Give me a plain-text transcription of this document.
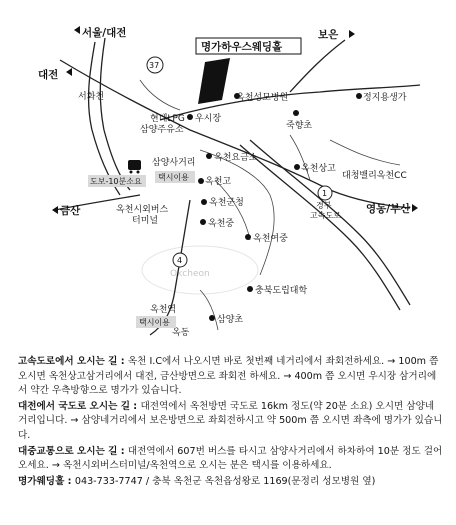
Okcheon
37
1
4
명가하우스웨딩홀
서울/대전
대전
보은
금산	영동/부산
서화천
현대LPG
삼양주유소
우시장
옥천성모병원
죽향초
정지용생가
옥천요금소
옥천상고
대청밸리옥천CC
삼양사거리
옥천고
옥천군청
옥천중
옥천여중
경부
고속도로
옥천시외버스
터미널
충북도립대학
옥천역
옥동
삼양초
도보-10분소요 택시이용
택시이용

고속도로에서 오시는 길 : 옥천 I.C에서 나오시면 바로 첫번째 네거리에서 좌회전하세요. → 100m 쯤 오시면 옥천상고삼거리에서 대전, 금산방면으로 좌회전 하세요. → 400m 쯤 오시면 우시장 삼거리에서 약간 우측방향으로 명가가 있습니다.

대전에서 국도로 오시는 길 : 대전역에서 옥천방면 국도로 16km 정도(약 20분 소요) 오시면 삼양네거리입니다. → 삼양네거리에서 보은방면으로 좌회전하시고 약 500m 쯤 오시면 좌측에 명가가 있습니다.

대중교통으로 오시는 길 : 대전역에서 607번 버스를 타시고 삼양사거리에서 하차하여 10분 정도 걸어오세요. → 옥천시외버스터미널/옥천역으로 오시는 분은 택시를 이용하세요.

명가웨딩홀 : 043-733-7747 / 충북 옥천군 옥천읍성왕로 1169(문정리 성모병원 옆)
